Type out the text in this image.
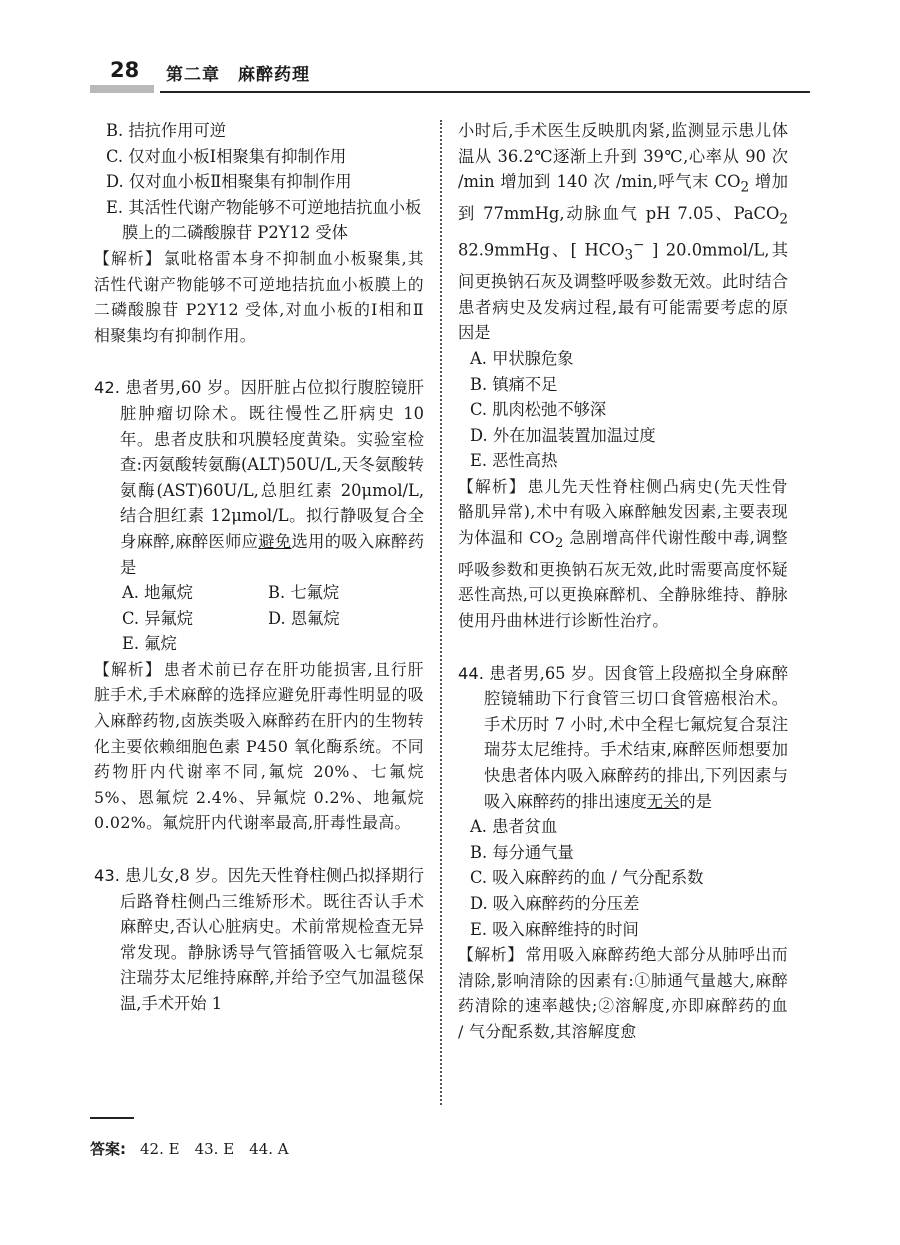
28 第二章　麻醉药理
B. 拮抗作用可逆
C. 仅对血小板Ⅰ相聚集有抑制作用
D. 仅对血小板Ⅱ相聚集有抑制作用
E. 其活性代谢产物能够不可逆地拮抗血小板膜上的二磷酸腺苷 P2Y12 受体
【解析】 氯吡格雷本身不抑制血小板聚集,其活性代谢产物能够不可逆地拮抗血小板膜上的二磷酸腺苷 P2Y12 受体,对血小板的Ⅰ相和Ⅱ相聚集均有抑制作用。
42. 患者男,60 岁。因肝脏占位拟行腹腔镜肝脏肿瘤切除术。既往慢性乙肝病史 10 年。患者皮肤和巩膜轻度黄染。实验室检查:丙氨酸转氨酶(ALT)50U/L,天冬氨酸转氨酶(AST)60U/L,总胆红素 20μmol/L,结合胆红素 12μmol/L。拟行静吸复合全身麻醉,麻醉医师应避免选用的吸入麻醉药是
A. 地氟烷	B. 七氟烷
C. 异氟烷	D. 恩氟烷
E. 氟烷
【解析】 患者术前已存在肝功能损害,且行肝脏手术,手术麻醉的选择应避免肝毒性明显的吸入麻醉药物,卤族类吸入麻醉药在肝内的生物转化主要依赖细胞色素 P450 氧化酶系统。不同药物肝内代谢率不同,氟烷 20%、七氟烷 5%、恩氟烷 2.4%、异氟烷 0.2%、地氟烷 0.02%。氟烷肝内代谢率最高,肝毒性最高。
43. 患儿女,8 岁。因先天性脊柱侧凸拟择期行后路脊柱侧凸三维矫形术。既往否认手术麻醉史,否认心脏病史。术前常规检查无异常发现。静脉诱导气管插管吸入七氟烷泵注瑞芬太尼维持麻醉,并给予空气加温毯保温,手术开始 1
小时后,手术医生反映肌肉紧,监测显示患儿体温从 36.2℃逐渐上升到 39℃,心率从 90 次 /min 增加到 140 次 /min,呼气末 $CO_2$ 增加到 77mmHg,动脉血气 pH 7.05、PaCO$_2$ 82.9mmHg、[ $HCO_3^-$ ] 20.0mmol/L,其间更换钠石灰及调整呼吸参数无效。此时结合患者病史及发病过程,最有可能需要考虑的原因是
A. 甲状腺危象
B. 镇痛不足
C. 肌肉松弛不够深
D. 外在加温装置加温过度
E. 恶性高热
【解析】 患儿先天性脊柱侧凸病史(先天性骨骼肌异常),术中有吸入麻醉触发因素,主要表现为体温和 $CO_2$ 急剧增高伴代谢性酸中毒,调整呼吸参数和更换钠石灰无效,此时需要高度怀疑恶性高热,可以更换麻醉机、全静脉维持、静脉使用丹曲林进行诊断性治疗。
44. 患者男,65 岁。因食管上段癌拟全身麻醉腔镜辅助下行食管三切口食管癌根治术。手术历时 7 小时,术中全程七氟烷复合泵注瑞芬太尼维持。手术结束,麻醉医师想要加快患者体内吸入麻醉药的排出,下列因素与吸入麻醉药的排出速度无关的是
A. 患者贫血
B. 每分通气量
C. 吸入麻醉药的血 / 气分配系数
D. 吸入麻醉药的分压差
E. 吸入麻醉维持的时间
【解析】 常用吸入麻醉药绝大部分从肺呼出而清除,影响清除的因素有:①肺通气量越大,麻醉药清除的速率越快;②溶解度,亦即麻醉药的血 / 气分配系数,其溶解度愈
答案: 42. E　43. E　44. A
